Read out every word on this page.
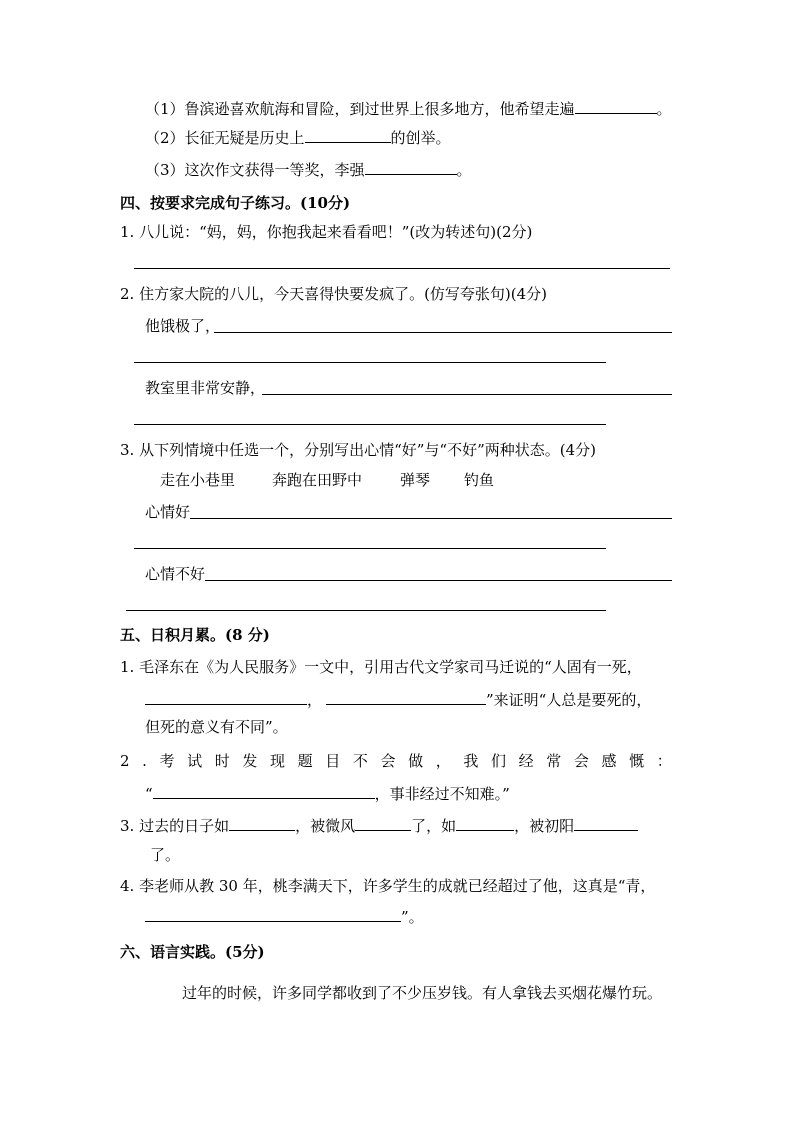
（1）鲁滨逊喜欢航海和冒险，到过世界上很多地方，他希望走遍	。
（2）长征无疑是历史上	的创举。
（3）这次作文获得一等奖，李强	。
四、按要求完成句子练习。(10分)
1. 八儿说：“妈，妈，你抱我起来看看吧！”(改为转述句)(2分)
2. 住方家大院的八儿，今天喜得快要发疯了。(仿写夸张句)(4分)
他饿极了，
教室里非常安静，
3. 从下列情境中任选一个，分别写出心情“好”与“不好”两种状态。(4分)
走在小巷里 奔跑在田野中	弹琴 钓鱼
心情好
心情不好
五、日积月累。(8 分)
1. 毛泽东在《为人民服务》一文中，引用古代文学家司马迁说的“人固有一死，
，	”来证明“人总是要死的，
但死的意义有不同”。
2 . 考 试 时 发 现 题 目 不 会 做 ， 我 们 经 常 会 感 慨 ：
“	，事非经过不知难。”
3. 过去的日子如	，被微风	了，如	，被初阳
了。
4. 李老师从教 30 年，桃李满天下，许多学生的成就已经超过了他，这真是“青，
”。
六、语言实践。(5分)
过年的时候，许多同学都收到了不少压岁钱。有人拿钱去买烟花爆竹玩。
